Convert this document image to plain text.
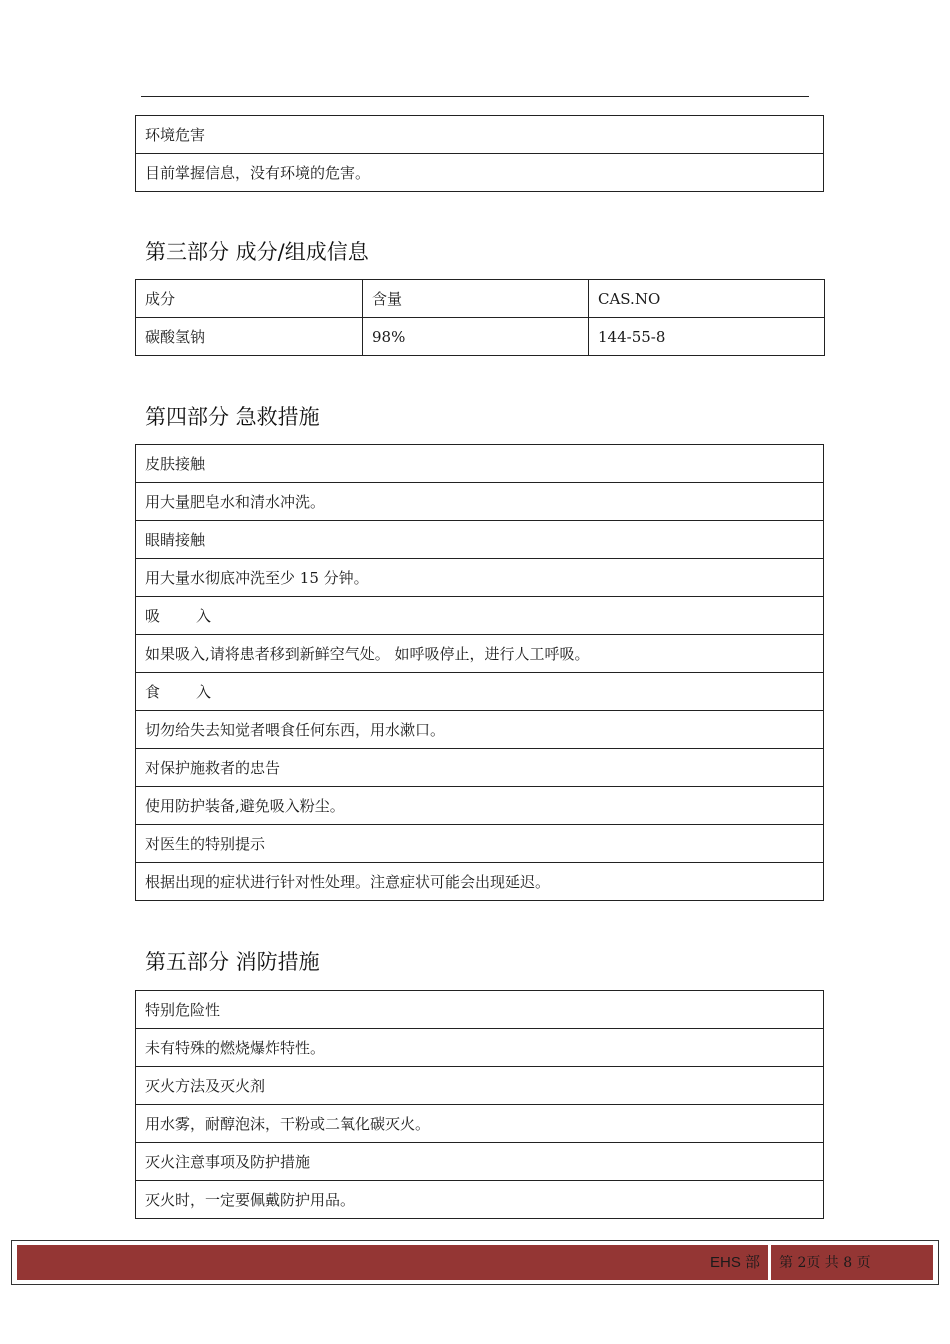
环境危害
目前掌握信息，没有环境的危害。
第三部分 成分/组成信息
成分	含量	CAS.NO
碳酸氢钠	98%	144-55-8
第四部分 急救措施
皮肤接触
用大量肥皂水和清水冲洗。
眼睛接触
用大量水彻底冲洗至少 15 分钟。
吸 入
如果吸入,请将患者移到新鲜空气处。 如呼吸停止，进行人工呼吸。
食 入
切勿给失去知觉者喂食任何东西，用水漱口。
对保护施救者的忠告
使用防护装备,避免吸入粉尘。
对医生的特别提示
根据出现的症状进行针对性处理。注意症状可能会出现延迟。
第五部分 消防措施
特别危险性
未有特殊的燃烧爆炸特性。
灭火方法及灭火剂
用水雾，耐醇泡沫，干粉或二氧化碳灭火。
灭火注意事项及防护措施
灭火时，一定要佩戴防护用品。
EHS 部 第 2页 共 8 页
